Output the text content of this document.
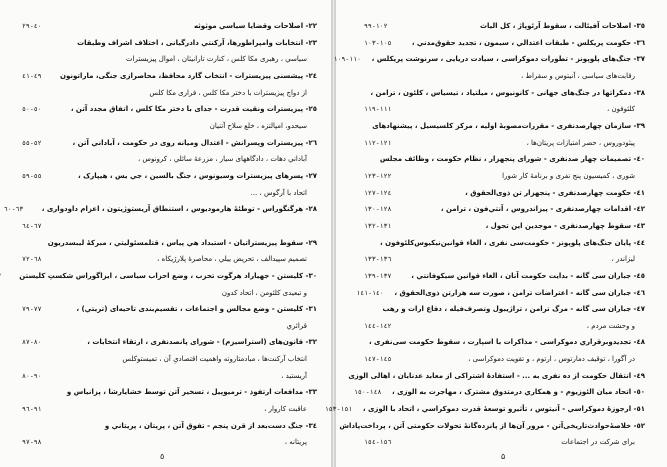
٢٢- اصلاحات وقضايا سياسي موثوثه
٤٠-٢٩
٢٣- انتخابات وامپراطورها، آرکنتي دادرگيانى ، اختلاف اشراف وطبقات
سياسي ، رهبرى مکا کلس ، کنارت تارانيثان ، اموال پيزيسترات
٢٤- پيشسنى پيزيسترات - انتخاب گارد محافظ، محاصرازى جنگى، ماراتونون
٤٩-٤١
از دواج پيزيسترات با دختر مکا کلس ، فرارى مکا کلس
٢٥- پيزيسترات ونقيت قدرت - جداى با دختر مکا کلس ، اتفاق مجدد آتن ،
٥٠-٥٠
سيحدو، امپالتزه ، خلع سلاح آتنيان
٢٦- پيزيسترات وپسرانش - اعتدال وميانه روى در حکومت ، آباداني آتن ،
٥٢-٥٥
آباداني دهات ، دادگاههاى سيار ، مزرعهٔ سائلي ، کرونوس ،
٢٧- پسرهاى پيزيسترات وسيونوس ، جنگ بالسين ، جي يس ، هيپارک ،
٥٥-٥٩
اتحاد با آرگوس ، ...
٢٨- هرگنگوراس - توطئهٔ هارموديوس ، استنطاق آريستوژيتون ، اعزام داودوارى ،
٦٣-٦٠
٦٧-٦٤
٢٩- سقوط پيزيستراتيان - استبداد هي پياس ، قتلمسئوليتي ، مبرکهٔ ليبسدريون
تصميم سپيدالف ، تحريض ييلي ، محاصرهٔ پلارژيکاه ،
٦٨-٧٢
٣٠- کليستن - جهياراد هرگوت تحزب ، وضع احزاب سياسى ، ايزاگوراس شکستِ کليستن
و تبعيدى کلئومن ، اتحاد کدون
٣١- کليستن - وضع مجالس و اجتماعات ، تقسيم‌بندى تاحيه‌اى (تريتي) ،
٧٧-٧٩
قرائري
٣٢- قانون‌هاى (استراسيزم) - شوراى پانصدنفرى ، ارتقاء انتخابات ،
٨٠-٨٧
انتخاب آرکنت‌ها ، مبادمتاروته واهميت اقتصادىِ آن ، تميستوکلس
آريستيد ،
٩٠-٨٠
٣٣- مدافعات ارتفوذ - ترميوپيل ، تسخير آتن توسط خشايارشا ، پزانياس و
عاقبت کاروار ،
٩١-٩٦
٣٤- جنگ دست‌بعد از قرن پنجم - تفوق آتن ، پريتان ، پريتاني و
پريتانه ،
٩٨-٩٧
٥
٣٥- اصلاحات آفيئالت ، سقوط آرئوپاژ ، کل الياث
١٠٢-٩٩
٣٦- حکومت پريکلس - طبقات اعتدالي ، سيمون ، تجديد حقوق‌مدني ،
١٠٥-١٠٣
٣٧- جنگ‌هاى پلوپونز - تطورات دموکراسى ، سيادت دريايى ، سرنوشت پريکلس ،
١١٠-١٠٩
رقابت‌هاى سياسى ، آنيتوس و سقراط ،
٣٨- دمکراتها در جنگ‌هاى جهانى - کانونيوس ، ميلتياد ، تيسياس ، کلئون ، ترامن ،
کلئوفون ،
١١١-١١٩
٣٩- سازمان چهارصدنفرى - مقررات‌مصوبهٔ اوليه ، مرکز کلسيسيل ، پيشنهادهاى
پيثودوروس ، حصر امتيازات پريتان‌ها ،
١٢١-١١٢
٤٠- تصميمات چهار صدنفرى - شوراى پنجهزار ، نظام حکومت ، وظائف مجلس
شورى ، کميسيون پنج نفرى و برنامهٔ کار شورا
١٢٢-١٢٣
٤١- حکومت چهارصدنفرى - پنجهزار تن ذوى‌الحقوق ،
١٢٤-١٢٧
٤٢- اقدامات چهارصدنفرى - پيزاندروس ، آنتي‌فون ، ترامن ،
١٢٨-١٣٠
٤٣- سقوط چهارصدنفرى - موجدين اين تحول ،
١٣١-١٣٢
٤٤- پايان جنگ‌هاى پلوپونز - حکومت‌سى نفرى ، الغاء قوانين‌نيکيوس‌کلئوفون ،
ليزاندر ،
١٣٦-١٣٣
٤٥- جباران سى گانه - بدايت حکومت آنان ، الغاء قوانين سيکوفانتي ،
١٣٧-١٣٩
٤٦- جباران سى گانه - اعتراضات ترامن ، صورت سه هزارتن ذوى‌الحقوق ،
١٤٠-١٤١
٤٧- جباران سى گانه - مرگ ترامن ، تراژيبول وتصرف‌فيله ، دفاع ارات و رهب
و وحشت مردم ،
١٤٢-١٤٤
٤٨- تجديدوبرقراري دموکراسى - مذاکرات با اسپارت ، سقوط حکومت سى‌نفرى ،
در آگورا ، توقيف دمارتوس ، ارتوم ، و تقويت دموکراسى ،
١٤٥-١٤٧
٤٩- انتقال حکومت از ده نفرى به ... - استفادهٔ اشتراکى از معابد عدنايان ، اهالى الوزى
٥٠- اتحاد ميان الئوزيوم - و همکاري درمتدوق مشترک ، مهاجرت به الوزى ،
١٤٨-١٥٠
٥١- ارجوزهٔ دموکراسي - آنيتوس ، تأثيرو توسعهٔ قدرت دموکراسي ، اتحاد با الوزى ،
١٥١-١٥٣
٥٢- خلاصهٔ‌حوادث‌تاريخى‌آتن - مرور آن‌ها از پانزده‌گانهٔ تحولات حکومتى آتن ، پرداخت‌پاداش
براى شرکت در اجتماعات
١٥٦-١٥٤
۵
